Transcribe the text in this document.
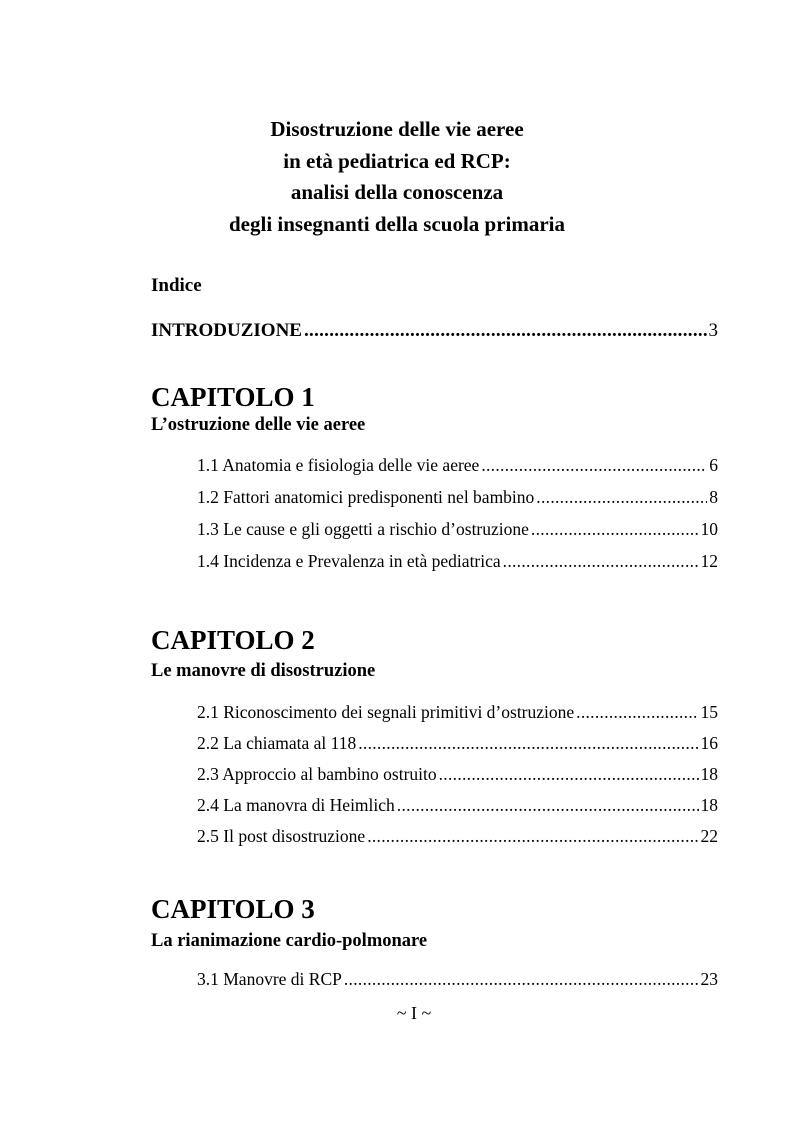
Disostruzione delle vie aeree
in età pediatrica ed RCP:
analisi della conoscenza
degli insegnanti della scuola primaria
Indice
INTRODUZIONE .....	3
CAPITOLO 1
L’ostruzione delle vie aeree
1.1 Anatomia e fisiologia delle vie aeree .....	6
1.2 Fattori anatomici predisponenti nel bambino .....	8
1.3 Le cause e gli oggetti a rischio d’ostruzione .....	10
1.4 Incidenza e Prevalenza in età pediatrica .....	12
CAPITOLO 2
Le manovre di disostruzione
2.1 Riconoscimento dei segnali primitivi d’ostruzione .....	15
2.2 La chiamata al 118 .....	16
2.3 Approccio al bambino ostruito .....	18
2.4 La manovra di Heimlich .....	18
2.5 Il post disostruzione .....	22
CAPITOLO 3
La rianimazione cardio-polmonare
3.1 Manovre di RCP .....	23
~ I ~
